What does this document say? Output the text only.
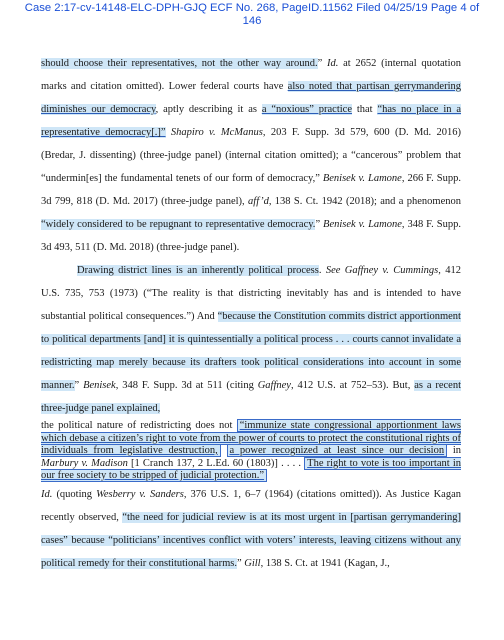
Case 2:17-cv-14148-ELC-DPH-GJQ ECF No. 268, PageID.11562 Filed 04/25/19 Page 4 of
146

should choose their representatives, not the other way around.” Id. at 2652 (internal quotation marks and citation omitted). Lower federal courts have also noted that partisan gerrymandering diminishes our democracy, aptly describing it as a “noxious” practice that “has no place in a representative democracy[.]” Shapiro v. McManus, 203 F. Supp. 3d 579, 600 (D. Md. 2016) (Bredar, J. dissenting) (three-judge panel) (internal citation omitted); a “cancerous” problem that “undermin[es] the fundamental tenets of our form of democracy,” Benisek v. Lamone, 266 F. Supp. 3d 799, 818 (D. Md. 2017) (three-judge panel), aff’d, 138 S. Ct. 1942 (2018); and a phenomenon “widely considered to be repugnant to representative democracy.” Benisek v. Lamone, 348 F. Supp. 3d 493, 511 (D. Md. 2018) (three-judge panel).

Drawing district lines is an inherently political process. See Gaffney v. Cummings, 412 U.S. 735, 753 (1973) (“The reality is that districting inevitably has and is intended to have substantial political consequences.”) And “because the Constitution commits district apportionment to political departments [and] it is quintessentially a political process . . . courts cannot invalidate a redistricting map merely because its drafters took political considerations into account in some manner.” Benisek, 348 F. Supp. 3d at 511 (citing Gaffney, 412 U.S. at 752–53). But, as a recent three-judge panel explained,

the political nature of redistricting does not “immunize state congressional apportionment laws which debase a citizen’s right to vote from the power of courts to protect the constitutional rights of individuals from legislative destruction, a power recognized at least since our decision in Marbury v. Madison [1 Cranch 137, 2 L.Ed. 60 (1803)] . . . . The right to vote is too important in our free society to be stripped of judicial protection.”

Id. (quoting Wesberry v. Sanders, 376 U.S. 1, 6–7 (1964) (citations omitted)). As Justice Kagan recently observed, “the need for judicial review is at its most urgent in [partisan gerrymandering] cases” because “politicians’ incentives conflict with voters’ interests, leaving citizens without any political remedy for their constitutional harms.” Gill, 138 S. Ct. at 1941 (Kagan, J.,
